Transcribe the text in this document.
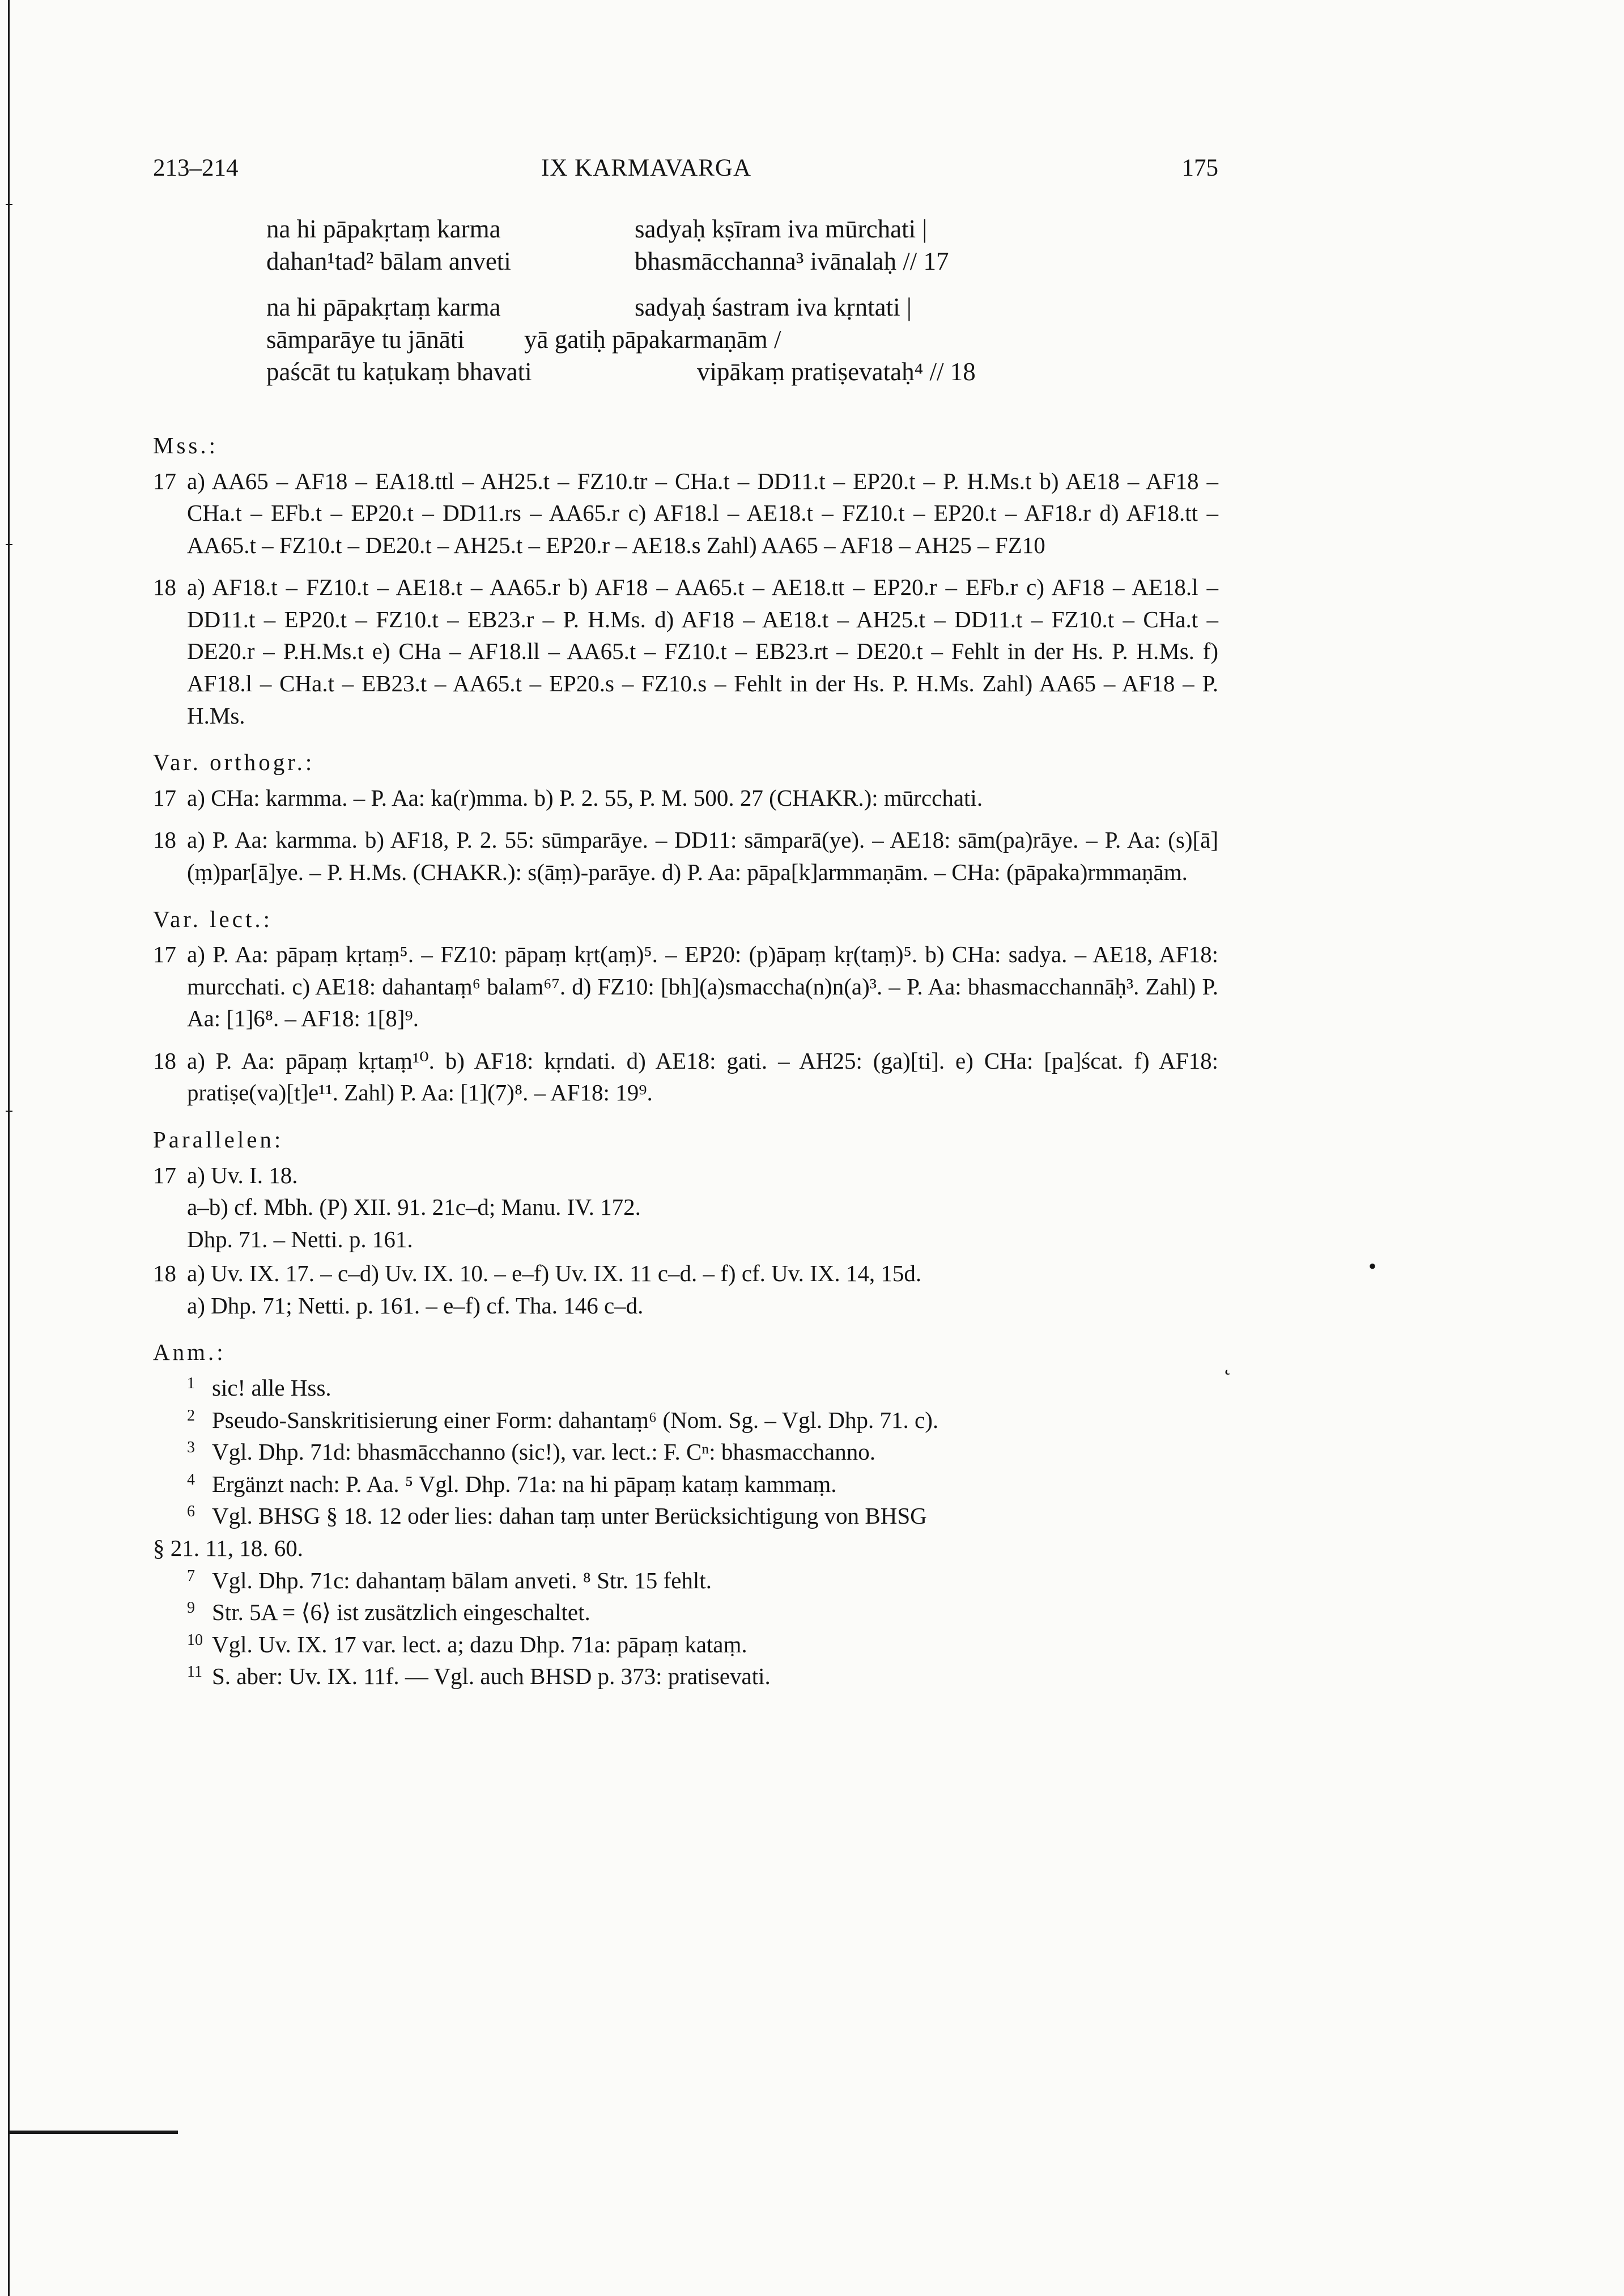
•
˛
213–214	IX KARMAVARGA	175
na hi pāpakṛtaṃ karma	sadyaḥ kṣīram iva mūrchati |
dahan¹tad² bālam anveti	bhasmācchanna³ ivānalaḥ // 17
na hi pāpakṛtaṃ karma	sadyaḥ śastram iva kṛntati |
sāmparāye tu jānāti yā gatiḥ pāpakarmaṇām /
paścāt tu kaṭukaṃ bhavati	vipākaṃ pratiṣevataḥ⁴ // 18
Mss.:
17 a) AA65 – AF18 – EA18.ttl – AH25.t – FZ10.tr – CHa.t – DD11.t – EP20.t – P. H.Ms.t b) AE18 – AF18 – CHa.t – EFb.t – EP20.t – DD11.rs – AA65.r c) AF18.l – AE18.t – FZ10.t – EP20.t – AF18.r d) AF18.tt – AA65.t – FZ10.t – DE20.t – AH25.t – EP20.r – AE18.s Zahl) AA65 – AF18 – AH25 – FZ10
18 a) AF18.t – FZ10.t – AE18.t – AA65.r b) AF18 – AA65.t – AE18.tt – EP20.r – EFb.r c) AF18 – AE18.l – DD11.t – EP20.t – FZ10.t – EB23.r – P. H.Ms. d) AF18 – AE18.t – AH25.t – DD11.t – FZ10.t – CHa.t – DE20.r – P.H.Ms.t e) CHa – AF18.ll – AA65.t – FZ10.t – EB23.rt – DE20.t – Fehlt in der Hs. P. H.Ms. f) AF18.l – CHa.t – EB23.t – AA65.t – EP20.s – FZ10.s – Fehlt in der Hs. P. H.Ms. Zahl) AA65 – AF18 – P. H.Ms.
Var. orthogr.:
17 a) CHa: karmma. – P. Aa: ka(r)mma. b) P. 2. 55, P. M. 500. 27 (CHAKR.): mūrcchati.
18 a) P. Aa: karmma. b) AF18, P. 2. 55: sūmparāye. – DD11: sāmparā(ye). – AE18: sām(pa)rāye. – P. Aa: (s)[ā](ṃ)par[ā]ye. – P. H.Ms. (CHAKR.): s(āṃ)-parāye. d) P. Aa: pāpa[k]armmaṇām. – CHa: (pāpaka)rmmaṇām.
Var. lect.:
17 a) P. Aa: pāpaṃ kṛtaṃ⁵. – FZ10: pāpaṃ kṛt(aṃ)⁵. – EP20: (p)āpaṃ kṛ(taṃ)⁵. b) CHa: sadya. – AE18, AF18: murcchati. c) AE18: dahantaṃ⁶ balam⁶⁷. d) FZ10: [bh](a)smaccha(n)n(a)³. – P. Aa: bhasmacchannāḥ³. Zahl) P. Aa: [1]6⁸. – AF18: 1[8]⁹.
18 a) P. Aa: pāpaṃ kṛtaṃ¹⁰. b) AF18: kṛndati. d) AE18: gati. – AH25: (ga)[ti]. e) CHa: [pa]ścat. f) AF18: pratiṣe(va)[t]e¹¹. Zahl) P. Aa: [1](7)⁸. – AF18: 19⁹.
Parallelen:
17 a) Uv. I. 18.
a–b) cf. Mbh. (P) XII. 91. 21c–d; Manu. IV. 172.
Dhp. 71. – Netti. p. 161.
18 a) Uv. IX. 17. – c–d) Uv. IX. 10. – e–f) Uv. IX. 11 c–d. – f) cf. Uv. IX. 14, 15d.
a) Dhp. 71; Netti. p. 161. – e–f) cf. Tha. 146 c–d.
Anm.:
1 sic! alle Hss.
2 Pseudo-Sanskritisierung einer Form: dahantaṃ⁶ (Nom. Sg. – Vgl. Dhp. 71. c).
3 Vgl. Dhp. 71d: bhasmācchanno (sic!), var. lect.: F. Cⁿ: bhasmacchanno.
4 Ergänzt nach: P. Aa. ⁵ Vgl. Dhp. 71a: na hi pāpaṃ kataṃ kammaṃ.
6 Vgl. BHSG § 18. 12 oder lies: dahan taṃ unter Berücksichtigung von BHSG
§ 21. 11, 18. 60.
7 Vgl. Dhp. 71c: dahantaṃ bālam anveti. ⁸ Str. 15 fehlt.
9 Str. 5A = ⟨6⟩ ist zusätzlich eingeschaltet.
10 Vgl. Uv. IX. 17 var. lect. a; dazu Dhp. 71a: pāpaṃ kataṃ.
11 S. aber: Uv. IX. 11f. — Vgl. auch BHSD p. 373: pratisevati.
